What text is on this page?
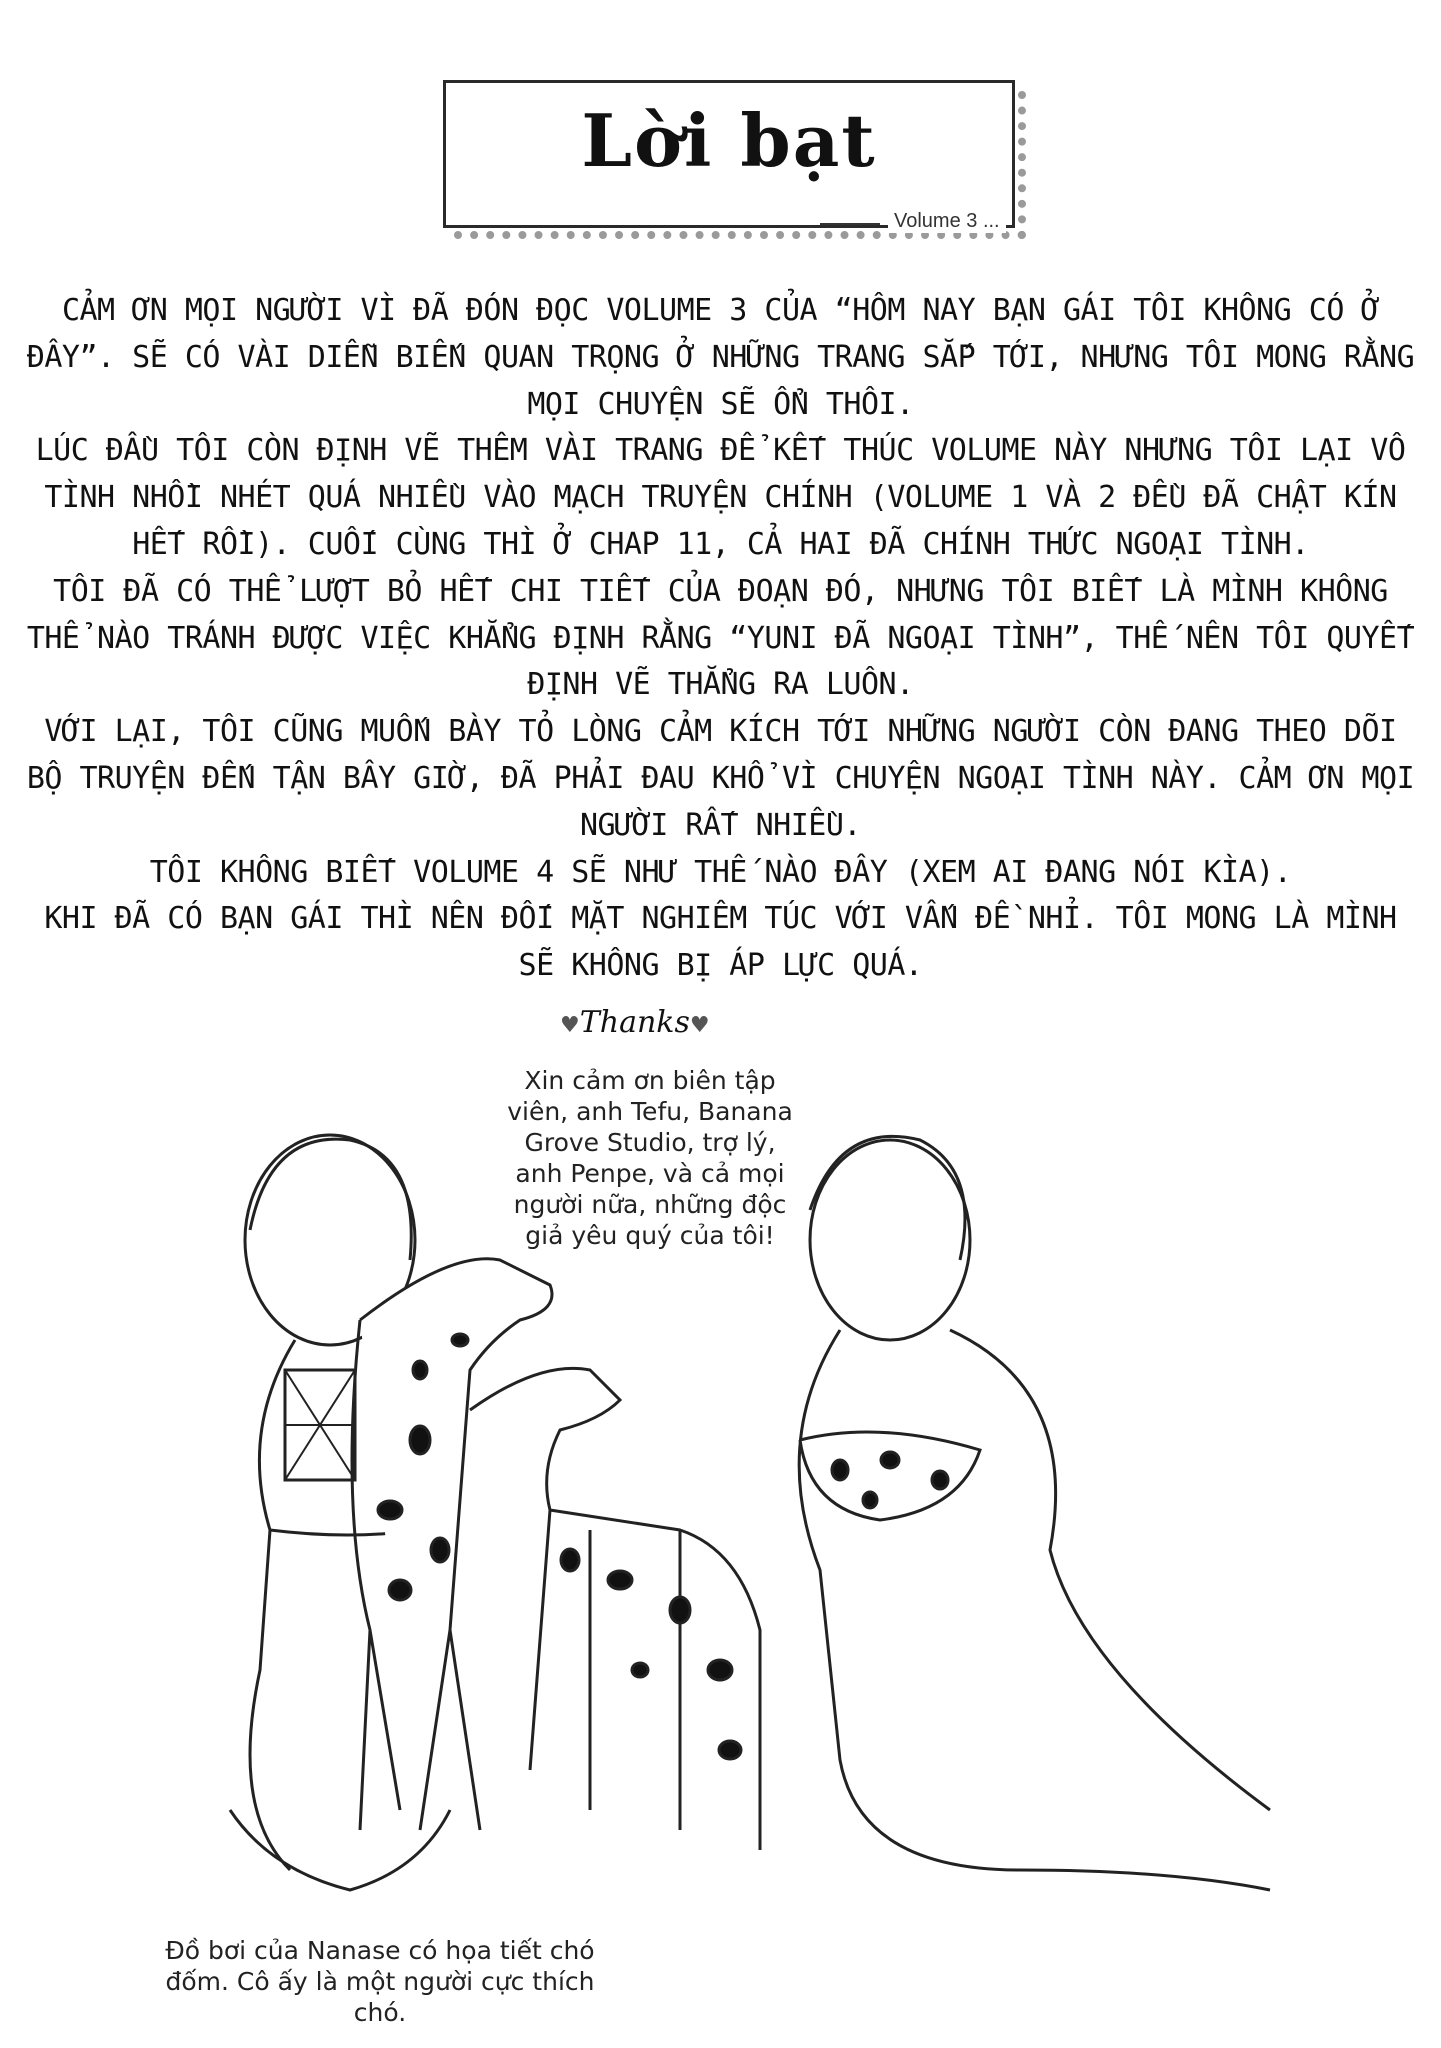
Lời bạt
Volume 3 ...

CẢM ƠN MỌI NGƯỜI VÌ ĐÃ ĐÓN ĐỌC VOLUME 3 CỦA “HÔM NAY BẠN GÁI TÔI KHÔNG CÓ Ở ĐÂY”. SẼ CÓ VÀI DIỄN BIẾN QUAN TRỌNG Ở NHỮNG TRANG SẮP TỚI, NHƯNG TÔI MONG RẰNG MỌI CHUYỆN SẼ ỔN THÔI.

LÚC ĐẦU TÔI CÒN ĐỊNH VẼ THÊM VÀI TRANG ĐỂ KẾT THÚC VOLUME NÀY NHƯNG TÔI LẠI VÔ TÌNH NHỒI NHÉT QUÁ NHIỀU VÀO MẠCH TRUYỆN CHÍNH (VOLUME 1 VÀ 2 ĐỀU ĐÃ CHẬT KÍN HẾT RỒI). CUỐI CÙNG THÌ Ở CHAP 11, CẢ HAI ĐÃ CHÍNH THỨC NGOẠI TÌNH.

TÔI ĐÃ CÓ THỂ LƯỢT BỎ HẾT CHI TIẾT CỦA ĐOẠN ĐÓ, NHƯNG TÔI BIẾT LÀ MÌNH KHÔNG THỂ NÀO TRÁNH ĐƯỢC VIỆC KHẲNG ĐỊNH RẰNG “YUNI ĐÃ NGOẠI TÌNH”, THẾ NÊN TÔI QUYẾT ĐỊNH VẼ THẲNG RA LUÔN.

VỚI LẠI, TÔI CŨNG MUỐN BÀY TỎ LÒNG CẢM KÍCH TỚI NHỮNG NGƯỜI CÒN ĐANG THEO DÕI BỘ TRUYỆN ĐẾN TẬN BÂY GIỜ, ĐÃ PHẢI ĐAU KHỔ VÌ CHUYỆN NGOẠI TÌNH NÀY. CẢM ƠN MỌI NGƯỜI RẤT NHIỀU.

TÔI KHÔNG BIẾT VOLUME 4 SẼ NHƯ THẾ NÀO ĐÂY (XEM AI ĐANG NÓI KÌA).

KHI ĐÃ CÓ BẠN GÁI THÌ NÊN ĐỐI MẶT NGHIÊM TÚC VỚI VẤN ĐỀ NHỈ. TÔI MONG LÀ MÌNH SẼ KHÔNG BỊ ÁP LỰC QUÁ.

♥Thanks♥
Xin cảm ơn biên tập viên, anh Tefu, Banana Grove Studio, trợ lý, anh Penpe, và cả mọi người nữa, những độc giả yêu quý của tôi!
Đồ bơi của Nanase có họa tiết chó đốm. Cô ấy là một người cực thích chó.
